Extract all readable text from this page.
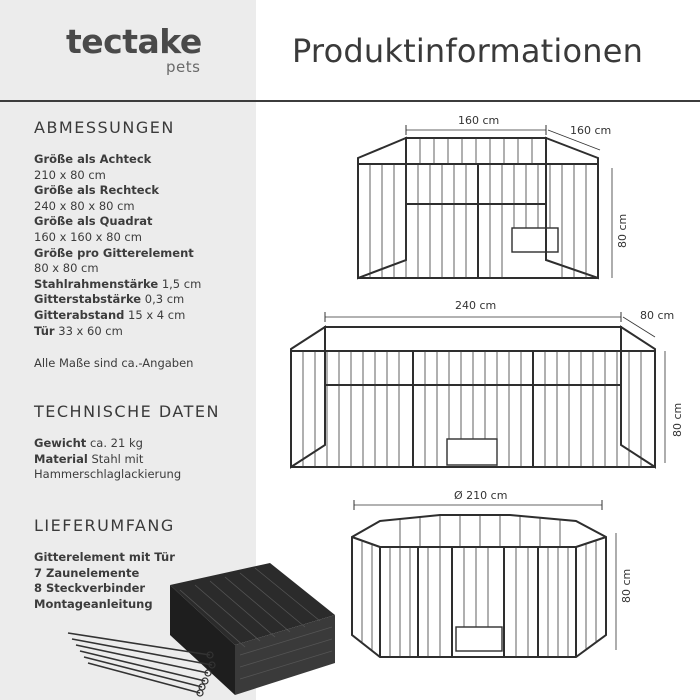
tectake
pets	Produktinformationen
ABMESSUNGEN
Größe als Achteck
210 x 80 cm
Größe als Rechteck
240 x 80 x 80 cm
Größe als Quadrat
160 x 160 x 80 cm
Größe pro Gitterelement
80 x 80 cm
Stahlrahmenstärke 1,5 cm
Gitterstabstärke 0,3 cm
Gitterabstand 15 x 4 cm
Tür 33 x 60 cm
Alle Maße sind ca.-Angaben
TECHNISCHE DATEN
Gewicht ca. 21 kg
Material Stahl mit Hammerschlaglackierung
LIEFERUMFANG
Gitterelement mit Tür
7 Zaunelemente
8 Steckverbinder
Montageanleitung
160 cm
160 cm
80 cm
240 cm
80 cm
80 cm
Ø 210 cm
80 cm
